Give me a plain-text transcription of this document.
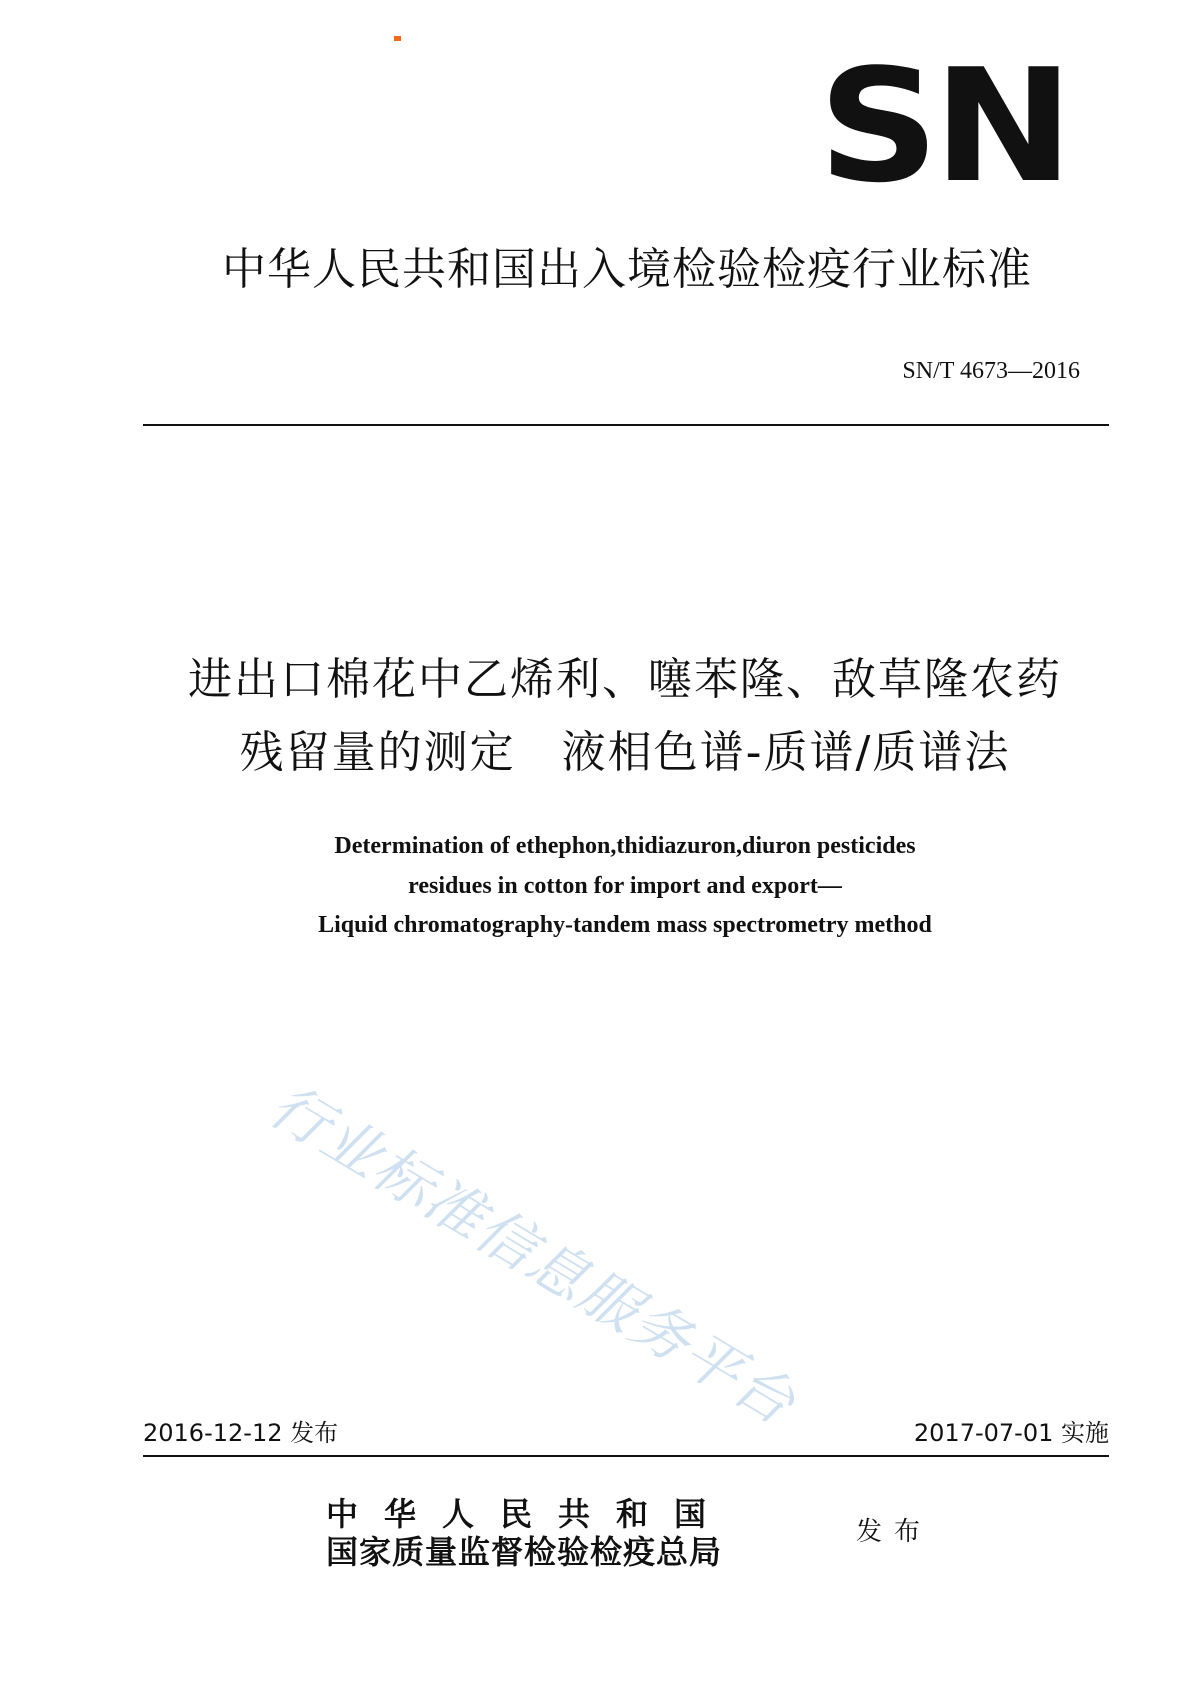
SN
中华人民共和国出入境检验检疫行业标准
SN/T 4673—2016
进出口棉花中乙烯利、噻苯隆、敌草隆农药
残留量的测定　液相色谱-质谱/质谱法
Determination of ethephon,thidiazuron,diuron pesticides
residues in cotton for import and export—
Liquid chromatography-tandem mass spectrometry method
行业标准信息服务平台
2016-12-12 发布	2017-07-01 实施
中华人民共和国
国家质量监督检验检疫总局
发布
